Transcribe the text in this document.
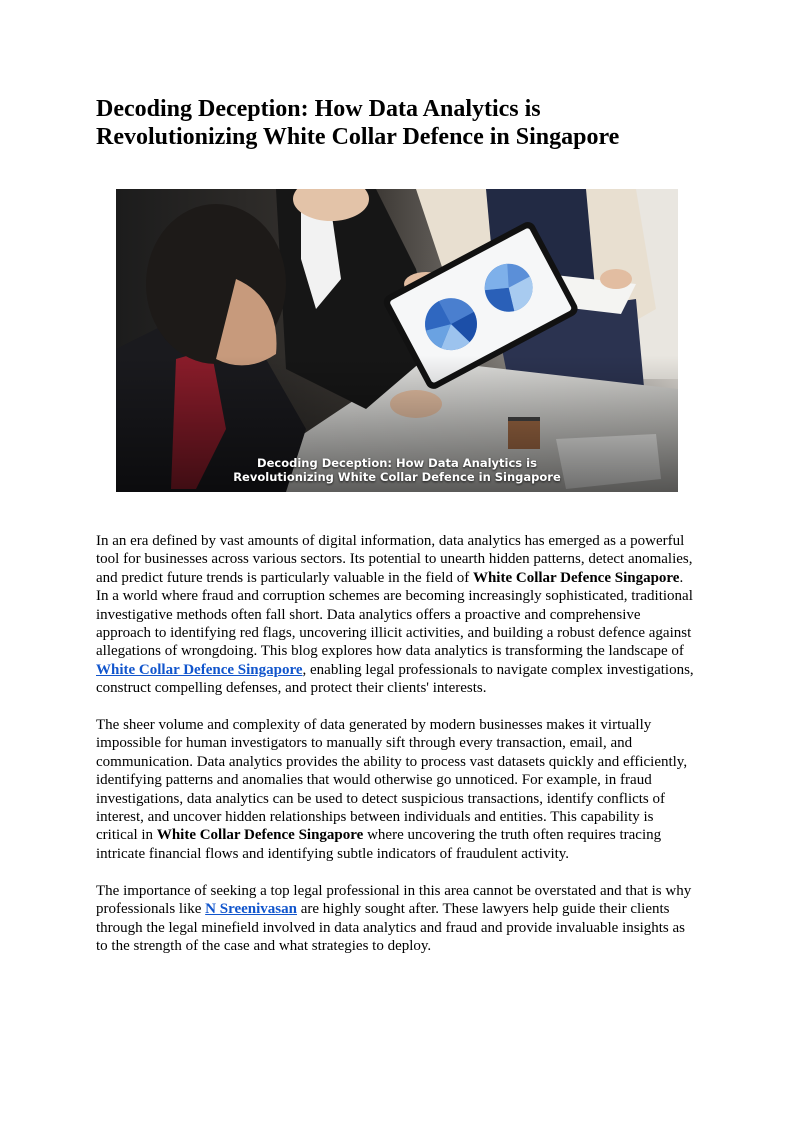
Decoding Deception: How Data Analytics is Revolutionizing White Collar Defence in Singapore
Decoding Deception: How Data Analytics is
Revolutionizing White Collar Defence in Singapore

In an era defined by vast amounts of digital information, data analytics has emerged as a powerful tool for businesses across various sectors. Its potential to unearth hidden patterns, detect anomalies, and predict future trends is particularly valuable in the field of White Collar Defence Singapore. In a world where fraud and corruption schemes are becoming increasingly sophisticated, traditional investigative methods often fall short. Data analytics offers a proactive and comprehensive approach to identifying red flags, uncovering illicit activities, and building a robust defence against allegations of wrongdoing. This blog explores how data analytics is transforming the landscape of White Collar Defence Singapore, enabling legal professionals to navigate complex investigations, construct compelling defenses, and protect their clients' interests.

The sheer volume and complexity of data generated by modern businesses makes it virtually impossible for human investigators to manually sift through every transaction, email, and communication. Data analytics provides the ability to process vast datasets quickly and efficiently, identifying patterns and anomalies that would otherwise go unnoticed. For example, in fraud investigations, data analytics can be used to detect suspicious transactions, identify conflicts of interest, and uncover hidden relationships between individuals and entities. This capability is critical in White Collar Defence Singapore where uncovering the truth often requires tracing intricate financial flows and identifying subtle indicators of fraudulent activity.

The importance of seeking a top legal professional in this area cannot be overstated and that is why professionals like N Sreenivasan are highly sought after. These lawyers help guide their clients through the legal minefield involved in data analytics and fraud and provide invaluable insights as to the strength of the case and what strategies to deploy.
